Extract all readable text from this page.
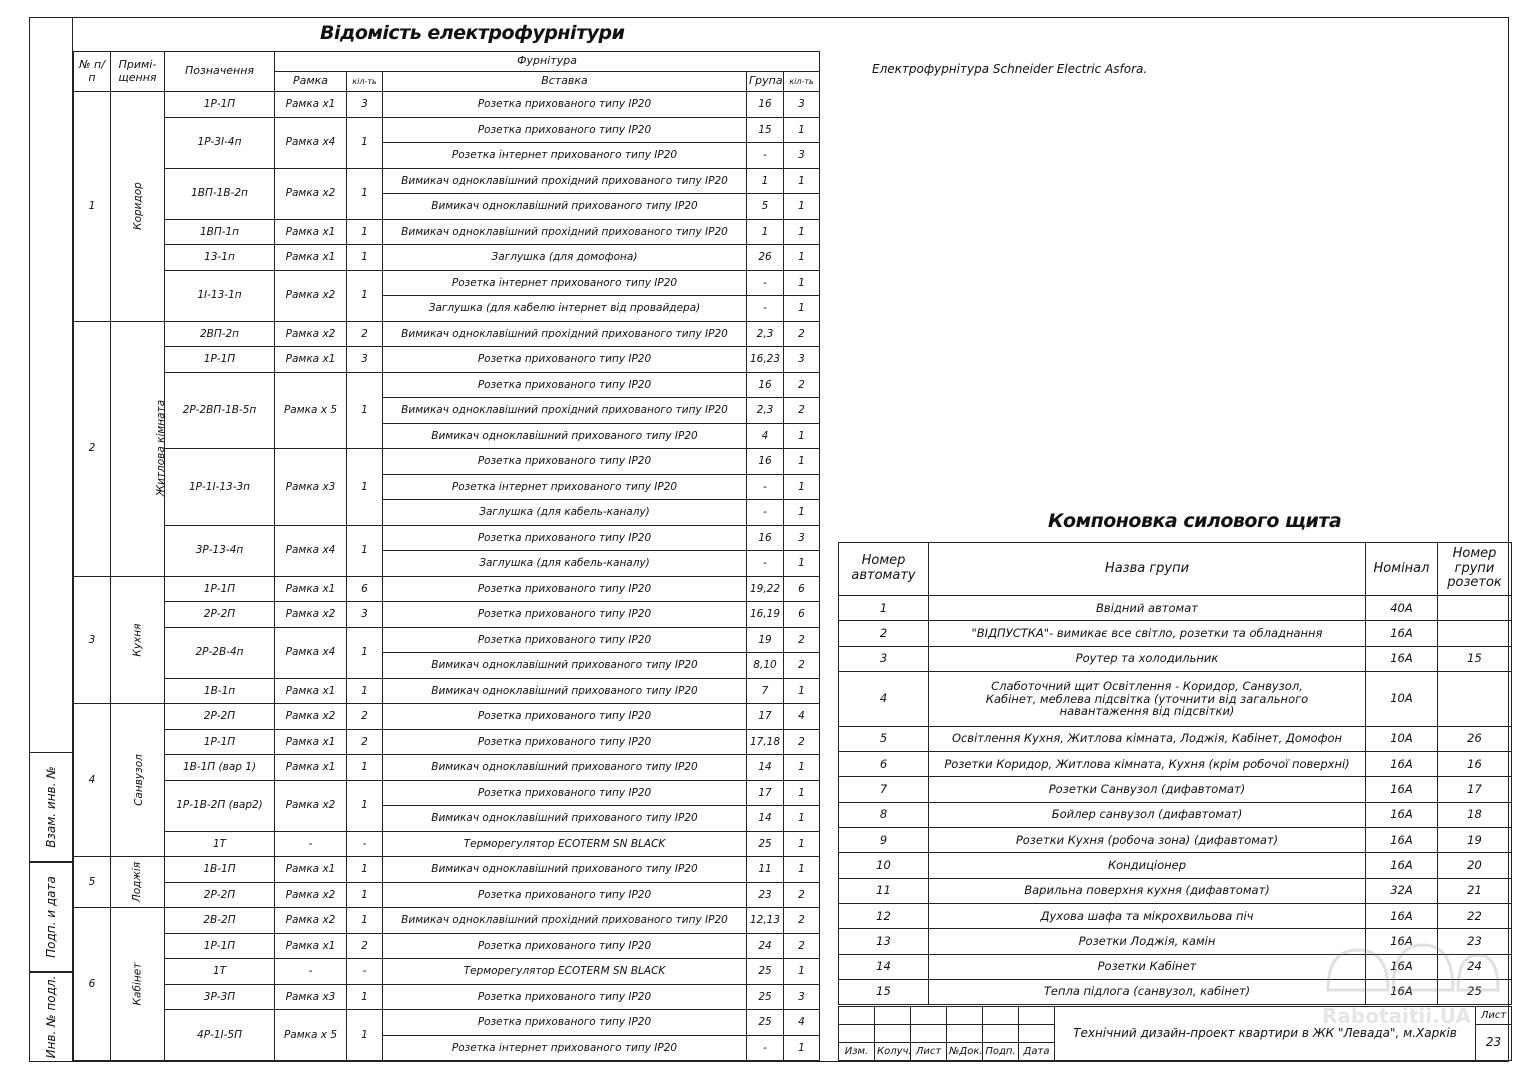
Взам. инв. №
Подп. и дата
Инв. № подл.
Відомість електрофурнітури
Електрофурнітура Schneider Electric Asfora.
Компоновка силового щита
№ п/п	Примі- щення	Позначення	Фурнітура				
			Рамка	кіл-ть	Вставка	Група	кіл-ть
1	Коридор	1Р-1П	Рамка х1	3	Розетка прихованого типу IP20	16	3
		1Р-3І-4п	Рамка х4	1	Розетка прихованого типу IP20	15	1
					Розетка інтернет прихованого типу IP20	-	3
		1ВП-1В-2п	Рамка х2	1	Вимикач одноклавішний прохідний прихованого типу IP20	1	1
					Вимикач одноклавішний прихованого типу IP20	5	1
		1ВП-1п	Рамка х1	1	Вимикач одноклавішний прохідний прихованого типу IP20	1	1
		13-1п	Рамка х1	1	Заглушка (для домофона)	26	1
		1І-13-1п	Рамка х2	1	Розетка інтернет прихованого типу IP20	-	1
					Заглушка (для кабелю інтернет від провайдера)	-	1
2	Житлова кімната	2ВП-2п	Рамка х2	2	Вимикач одноклавішний прохідний прихованого типу IP20	2,3	2
		1Р-1П	Рамка х1	3	Розетка прихованого типу IP20	16,23	3
		2Р-2ВП-1В-5п	Рамка х 5	1	Розетка прихованого типу IP20	16	2
					Вимикач одноклавішний прохідний прихованого типу IP20	2,3	2
					Вимикач одноклавішний прихованого типу IP20	4	1
		1Р-1І-13-3п	Рамка х3	1	Розетка прихованого типу IP20	16	1
					Розетка інтернет прихованого типу IP20	-	1
					Заглушка (для кабель-каналу)	-	1
		3Р-13-4п	Рамка х4	1	Розетка прихованого типу IP20	16	3
					Заглушка (для кабель-каналу)	-	1
3	Кухня	1Р-1П	Рамка х1	6	Розетка прихованого типу IP20	19,22	6
		2Р-2П	Рамка х2	3	Розетка прихованого типу IP20	16,19	6
		2Р-2В-4п	Рамка х4	1	Розетка прихованого типу IP20	19	2
					Вимикач одноклавішний прихованого типу IP20	8,10	2
		1В-1п	Рамка х1	1	Вимикач одноклавішний прихованого типу IP20	7	1
4	Санвузол	2Р-2П	Рамка х2	2	Розетка прихованого типу IP20	17	4
		1Р-1П	Рамка х1	2	Розетка прихованого типу IP20	17,18	2
		1В-1П (вар 1)	Рамка х1	1	Вимикач одноклавішний прихованого типу IP20	14	1
		1Р-1В-2П (вар2)	Рамка х2	1	Розетка прихованого типу IP20	17	1
					Вимикач одноклавішний прихованого типу IP20	14	1
		1Т	-	-	Терморегулятор ECOTERM SN BLACK	25	1
5	Лоджія	1В-1П	Рамка х1	1	Вимикач одноклавішний прихованого типу IP20	11	1
		2Р-2П	Рамка х2	1	Розетка прихованого типу IP20	23	2
6	Кабінет	2В-2П	Рамка х2	1	Вимикач одноклавішний прохідний прихованого типу IP20	12,13	2
		1Р-1П	Рамка х1	2	Розетка прихованого типу IP20	24	2
		1Т	-	-	Терморегулятор ECOTERM SN BLACK	25	1
		3Р-3П	Рамка х3	1	Розетка прихованого типу IP20	25	3
		4Р-1І-5П	Рамка х 5	1	Розетка прихованого типу IP20	25	4
					Розетка інтернет прихованого типу IP20	-	1
Номер автомату	Назва групи	Номінал	Номер групи розеток
1	Ввідний автомат	40А	
2	"ВІДПУСТКА"- вимикає все світло, розетки та обладнання	16А	
3	Роутер та холодильник	16А	15
4	Слаботочний щит Освітлення - Коридор, Санвузол, Кабінет, меблева підсвітка (уточнити від загального навантаження від підсвітки)	10А	
5	Освітлення Кухня, Житлова кімната, Лоджія, Кабінет, Домофон	10А	26
6	Розетки Коридор, Житлова кімната, Кухня (крім робочої поверхні)	16А	16
7	Розетки Санвузол (дифавтомат)	16А	17
8	Бойлер санвузол (дифавтомат)	16А	18
9	Розетки Кухня (робоча зона) (дифавтомат)	16А	19
10	Кондиціонер	16А	20
11	Варильна поверхня кухня (дифавтомат)	32А	21
12	Духова шафа та мікрохвильова піч	16А	22
13	Розетки Лоджія, камін	16А	23
14	Розетки Кабінет	16А	24
15	Тепла підлога (санвузол, кабінет)	16А	25
						Технічний дизайн-проект квартири в ЖК "Левада", м.Харків	Лист
							23
Изм.	Колуч.	Лист	№Док.	Подп.	Дата		
Rabotaitii.UA
